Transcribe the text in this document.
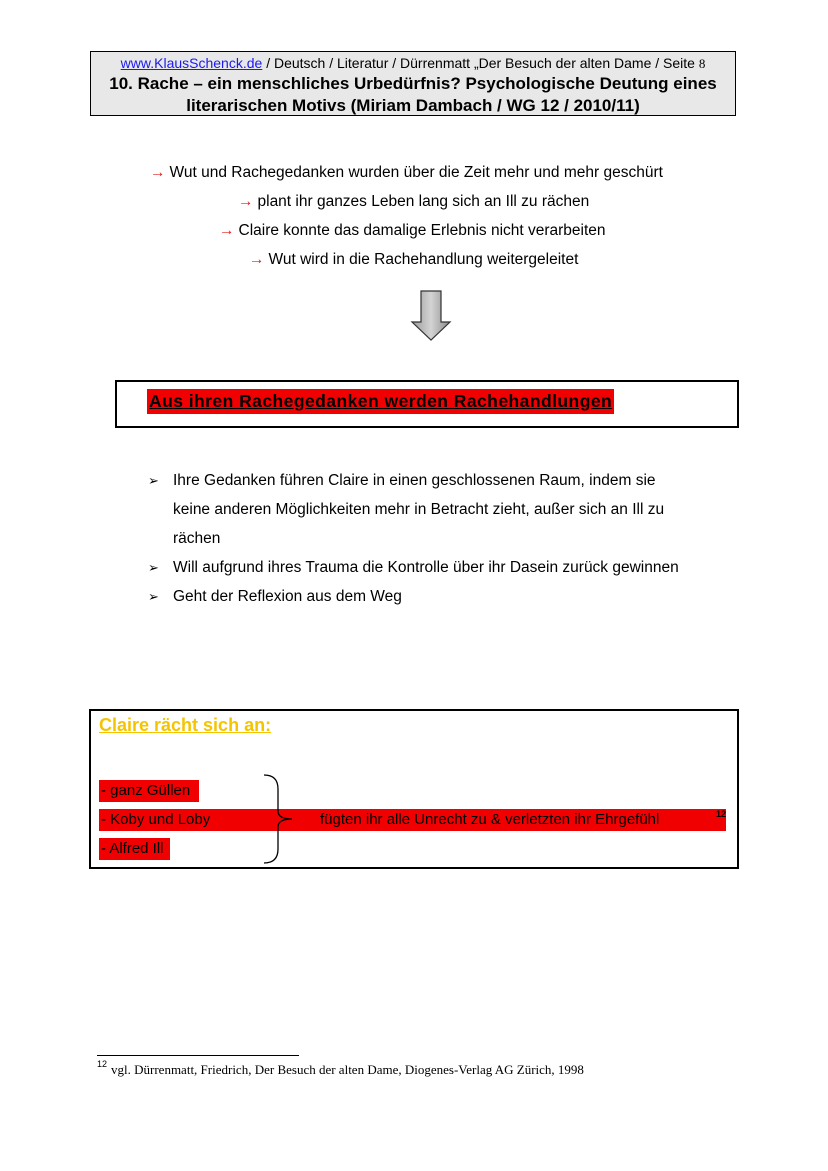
www.KlausSchenck.de / Deutsch / Literatur / Dürrenmatt „Der Besuch der alten Dame / Seite 8
10. Rache – ein menschliches Urbedürfnis? Psychologische Deutung eines
literarischen Motivs (Miriam Dambach / WG 12 / 2010/11)
→ Wut und Rachegedanken wurden über die Zeit mehr und mehr geschürt
→ plant ihr ganzes Leben lang sich an Ill zu rächen
→ Claire konnte das damalige Erlebnis nicht verarbeiten
→ Wut wird in die Rachehandlung weitergeleitet
Aus ihren Rachegedanken werden Rachehandlungen
➢ Ihre Gedanken führen Claire in einen geschlossenen Raum, indem sie
keine anderen Möglichkeiten mehr in Betracht zieht, außer sich an Ill zu
rächen
➢ Will aufgrund ihres Trauma die Kontrolle über ihr Dasein zurück gewinnen
➢ Geht der Reflexion aus dem Weg
Claire rächt sich an:
- ganz Güllen
- Koby und Loby	fügten ihr alle Unrecht zu & verletzten ihr Ehrgefühl	12
- Alfred Ill
$^{12}$ vgl. Dürrenmatt, Friedrich, Der Besuch der alten Dame, Diogenes-Verlag AG Zürich, 1998
